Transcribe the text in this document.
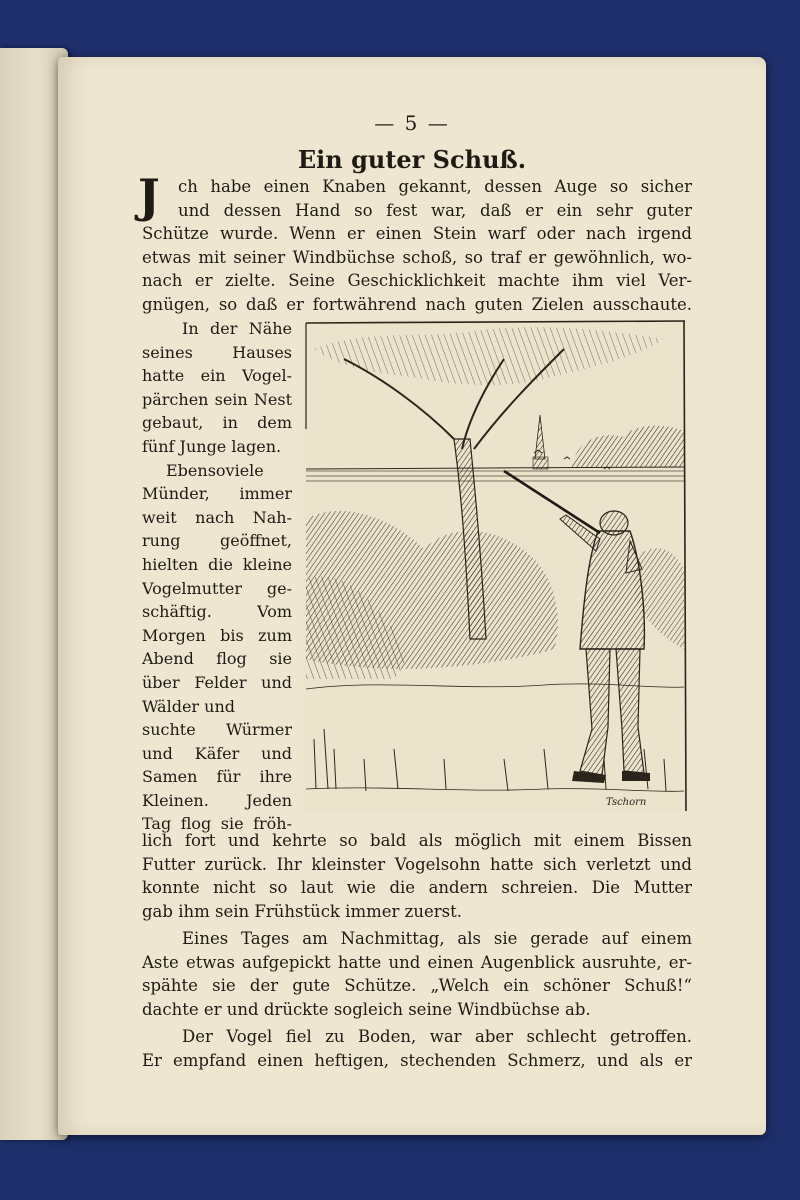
— 5 —
Ein guter Schuß.
J	ch habe einen Knaben gekannt, dessen Auge so sicher
und dessen Hand so fest war, daß er ein sehr guter
Schütze wurde. Wenn er einen Stein warf oder nach irgend
etwas mit seiner Windbüchse schoß, so traf er gewöhnlich, wo-
nach er zielte. Seine Geschicklichkeit machte ihm viel Ver-
gnügen, so daß er fortwährend nach guten Zielen ausschaute.
In der Nähe
seines Hauses
hatte ein Vogel-
pärchen sein Nest
gebaut, in dem
fünf Junge lagen.
Ebensoviele
Münder, immer
weit nach Nah-
rung geöffnet,
hielten die kleine
Vogelmutter ge-
schäftig. Vom
Morgen bis zum
Abend flog sie
über Felder und
Wälder und
suchte Würmer
und Käfer und
Samen für ihre
Kleinen. Jeden
Tag flog sie fröh-
Tschorn
lich fort und kehrte so bald als möglich mit einem Bissen
Futter zurück. Ihr kleinster Vogelsohn hatte sich verletzt und
konnte nicht so laut wie die andern schreien. Die Mutter
gab ihm sein Frühstück immer zuerst.
Eines Tages am Nachmittag, als sie gerade auf einem
Aste etwas aufgepickt hatte und einen Augenblick ausruhte, er-
spähte sie der gute Schütze. „Welch ein schöner Schuß!“
dachte er und drückte sogleich seine Windbüchse ab.
Der Vogel fiel zu Boden, war aber schlecht getroffen.
Er empfand einen heftigen, stechenden Schmerz, und als er
